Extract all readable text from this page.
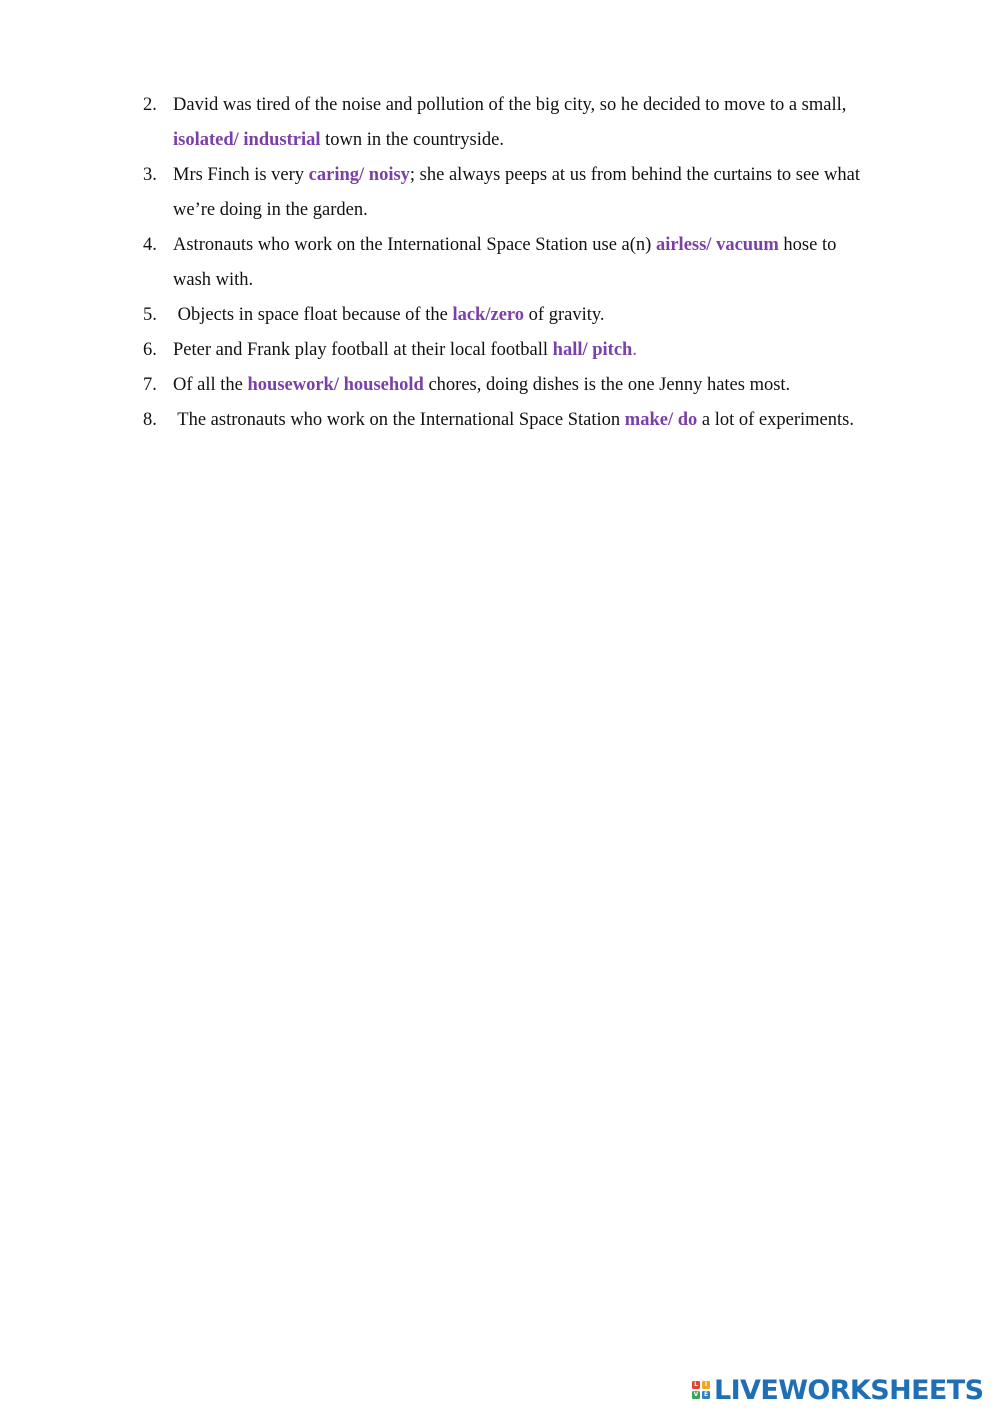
2. David was tired of the noise and pollution of the big city, so he decided to move to a small,
isolated/ industrial town in the countryside.
3. Mrs Finch is very caring/ noisy; she always peeps at us from behind the curtains to see what
we’re doing in the garden.
4. Astronauts who work on the International Space Station use a(n) airless/ vacuum hose to
wash with.
5. Objects in space float because of the lack/zero of gravity.
6. Peter and Frank play football at their local football hall/ pitch.
7. Of all the housework/ household chores, doing dishes is the one Jenny hates most.
8. The astronauts who work on the International Space Station make/ do a lot of experiments.
L	I
V E LIVEWORKSHEETS
